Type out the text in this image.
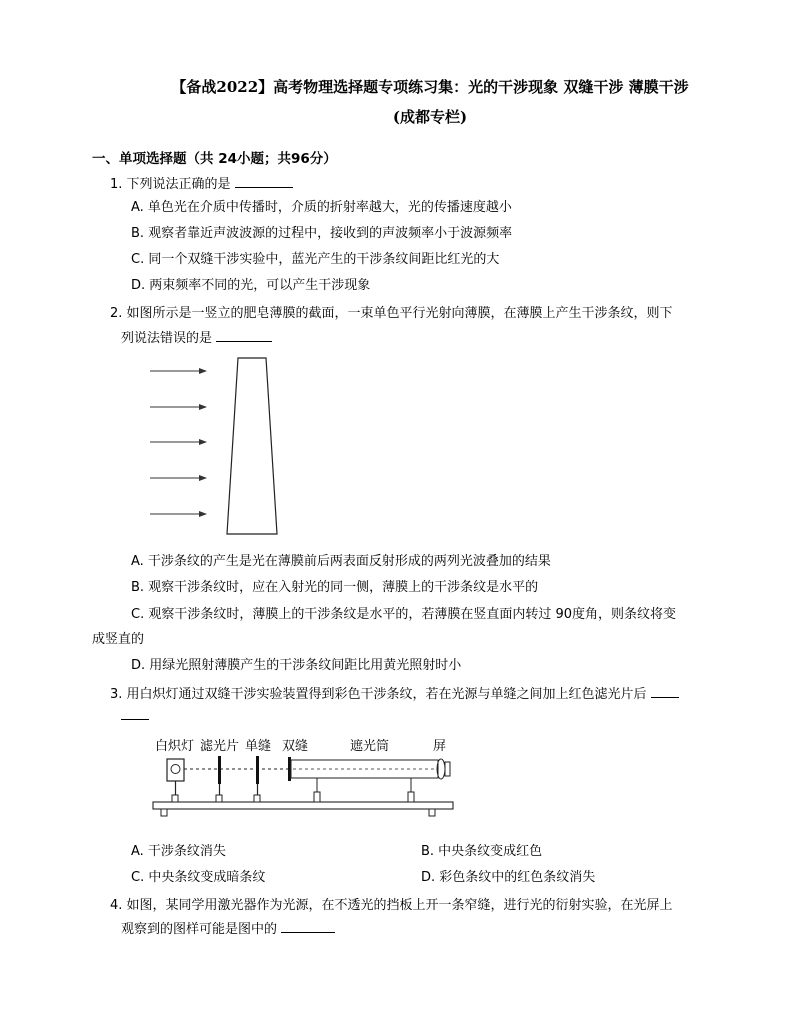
【备战2022】高考物理选择题专项练习集：光的干涉现象 双缝干涉 薄膜干涉
(成都专栏)
一、单项选择题（共 24小题；共96分）
1. 下列说法正确的是
A. 单色光在介质中传播时，介质的折射率越大，光的传播速度越小
B. 观察者靠近声波波源的过程中，接收到的声波频率小于波源频率
C. 同一个双缝干涉实验中，蓝光产生的干涉条纹间距比红光的大
D. 两束频率不同的光，可以产生干涉现象
2. 如图所示是一竖立的肥皂薄膜的截面，一束单色平行光射向薄膜，在薄膜上产生干涉条纹，则下
列说法错误的是
A. 干涉条纹的产生是光在薄膜前后两表面反射形成的两列光波叠加的结果
B. 观察干涉条纹时，应在入射光的同一侧，薄膜上的干涉条纹是水平的
C. 观察干涉条纹时，薄膜上的干涉条纹是水平的，若薄膜在竖直面内转过 90度角，则条纹将变
成竖直的
D. 用绿光照射薄膜产生的干涉条纹间距比用黄光照射时小
3. 用白炽灯通过双缝干涉实验装置得到彩色干涉条纹，若在光源与单缝之间加上红色滤光片后
白炽灯 滤光片 单缝 双缝	遮光筒	屏
A. 干涉条纹消失	B. 中央条纹变成红色
C. 中央条纹变成暗条纹	D. 彩色条纹中的红色条纹消失
4. 如图，某同学用激光器作为光源，在不透光的挡板上开一条窄缝，进行光的衍射实验，在光屏上
观察到的图样可能是图中的
